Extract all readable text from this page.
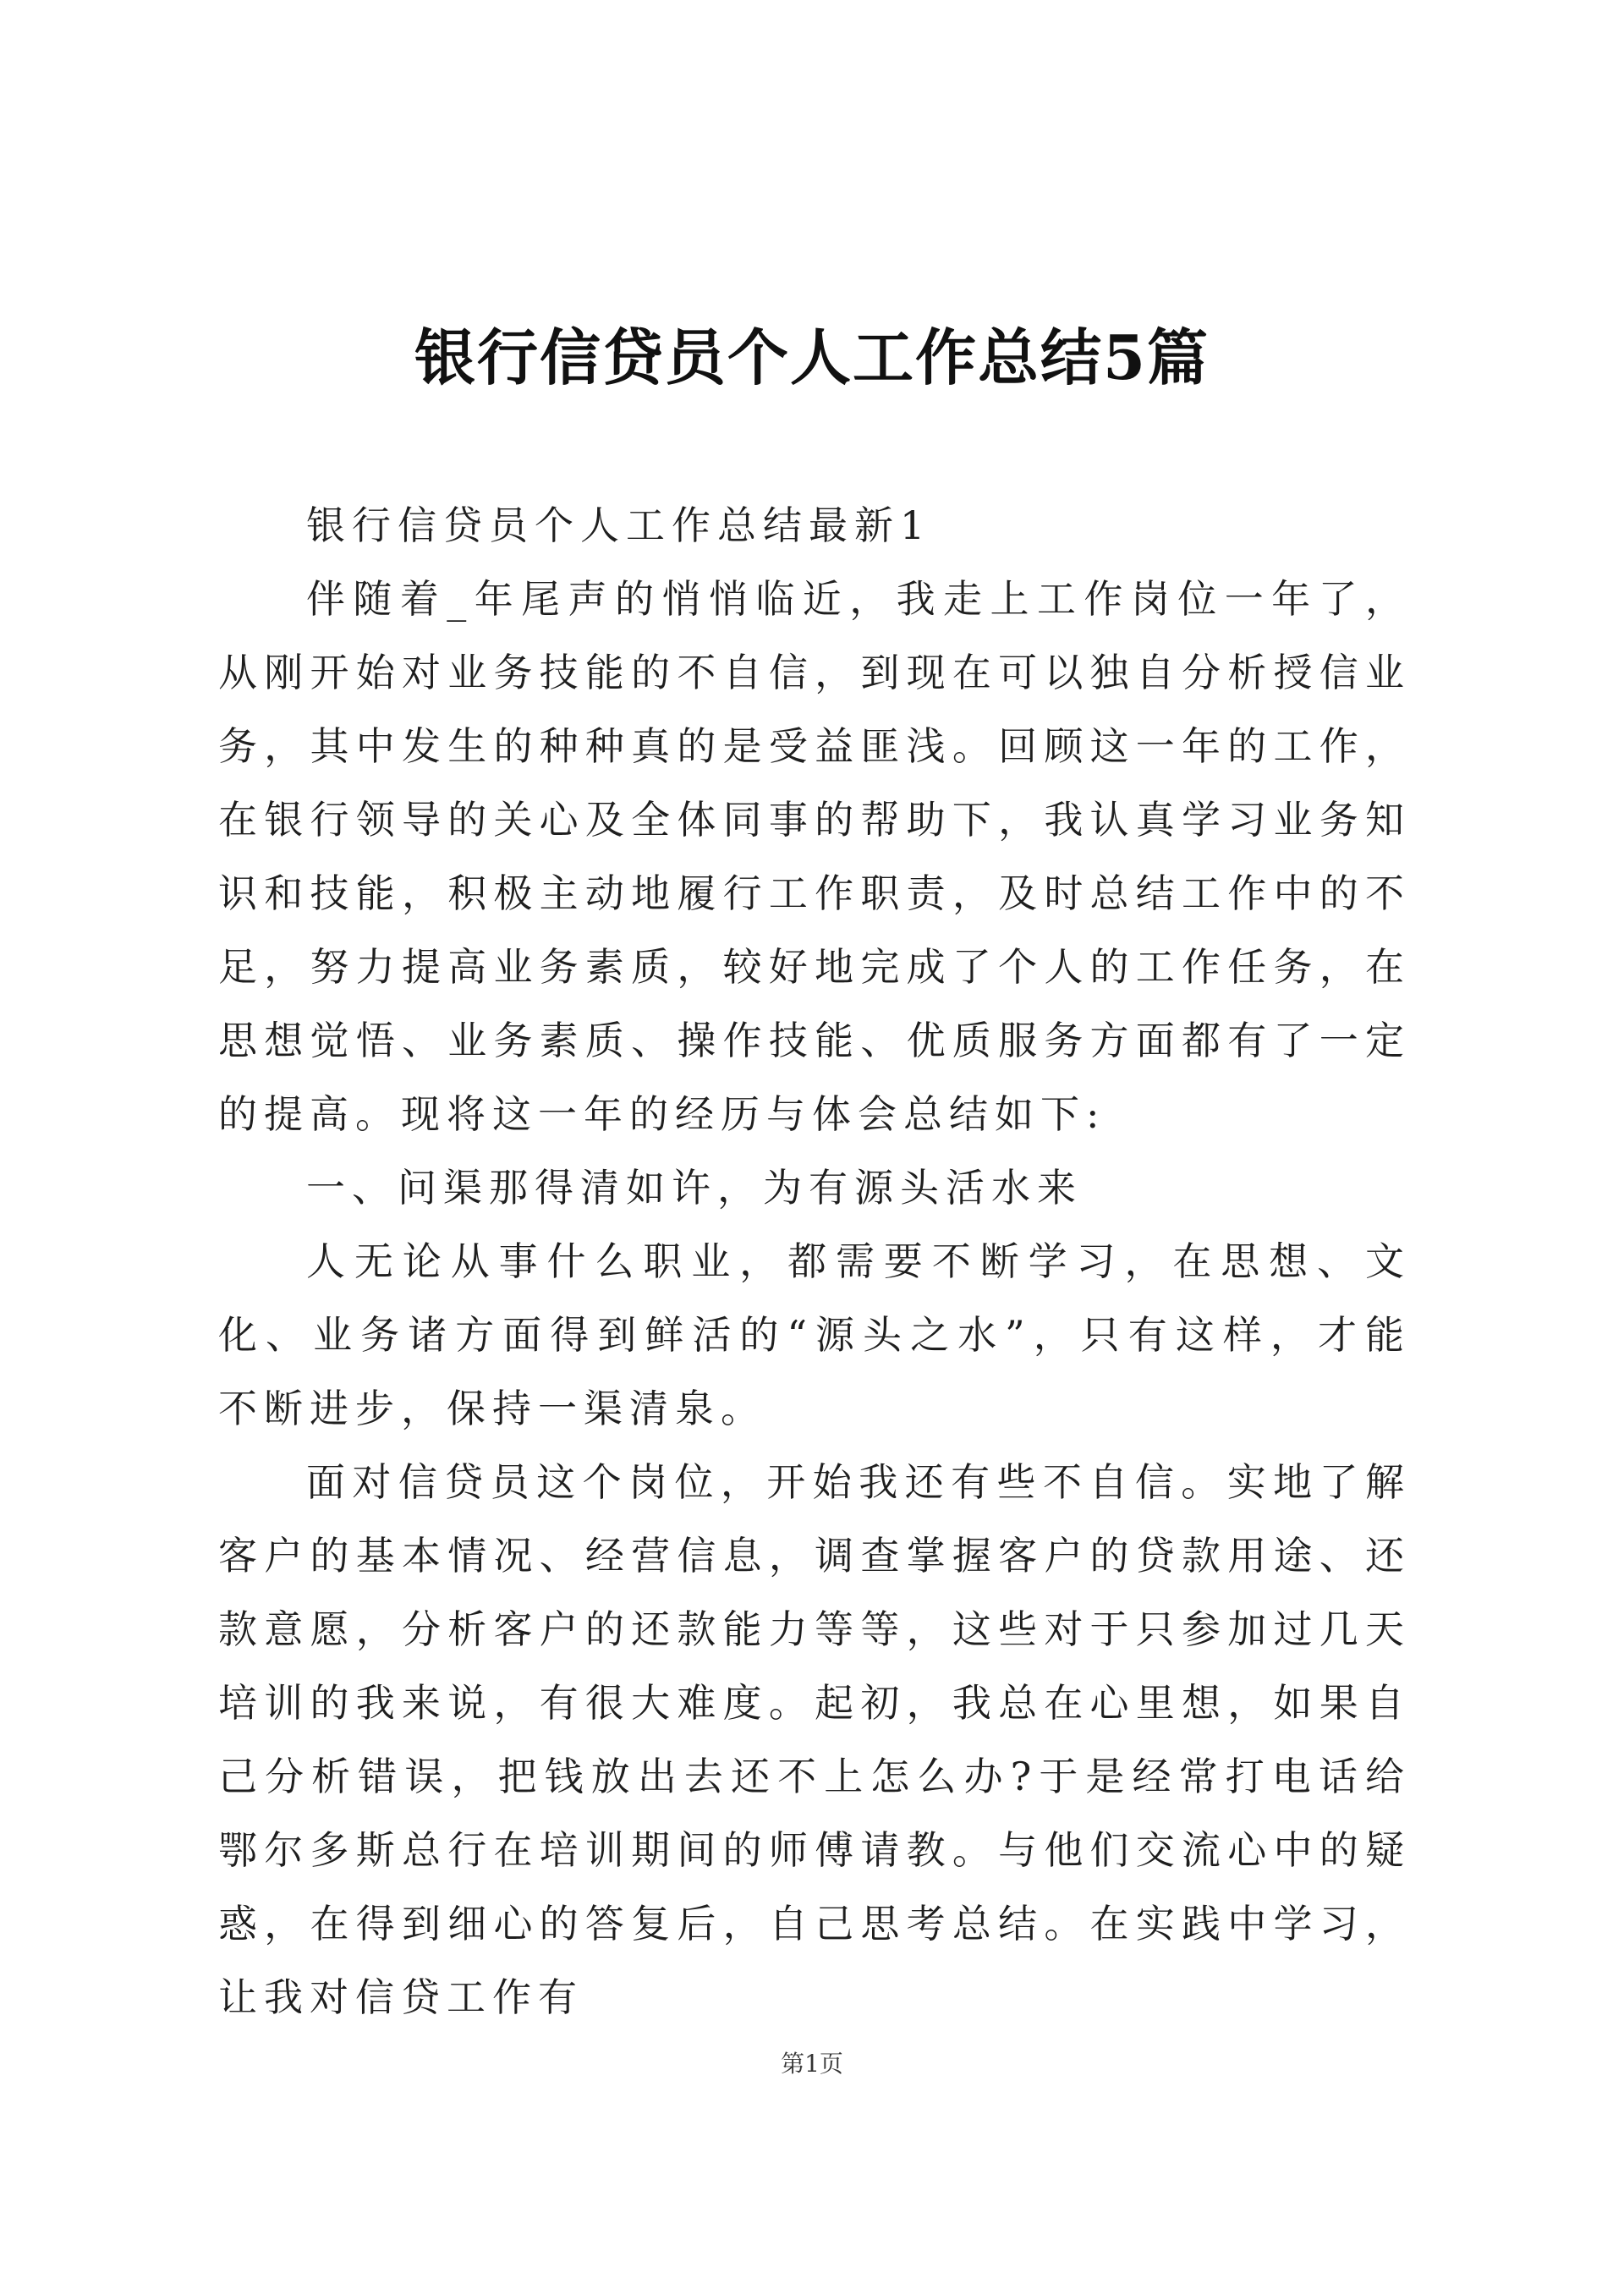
银行信贷员个人工作总结5篇

银行信贷员个人工作总结最新1

伴随着_年尾声的悄悄临近，我走上工作岗位一年了，从刚开始对业务技能的不自信，到现在可以独自分析授信业务，其中发生的种种真的是受益匪浅。回顾这一年的工作，在银行领导的关心及全体同事的帮助下，我认真学习业务知识和技能，积极主动地履行工作职责，及时总结工作中的不足，努力提高业务素质，较好地完成了个人的工作任务，在思想觉悟、业务素质、操作技能、优质服务方面都有了一定的提高。现将这一年的经历与体会总结如下:

一、问渠那得清如许，为有源头活水来

人无论从事什么职业，都需要不断学习，在思想、文化、业务诸方面得到鲜活的“源头之水”，只有这样，才能不断进步，保持一渠清泉。

面对信贷员这个岗位，开始我还有些不自信。实地了解客户的基本情况、经营信息，调查掌握客户的贷款用途、还款意愿，分析客户的还款能力等等，这些对于只参加过几天培训的我来说，有很大难度。起初，我总在心里想，如果自己分析错误，把钱放出去还不上怎么办?于是经常打电话给鄂尔多斯总行在培训期间的师傅请教。与他们交流心中的疑惑，在得到细心的答复后，自己思考总结。在实践中学习，让我对信贷工作有

第1页
